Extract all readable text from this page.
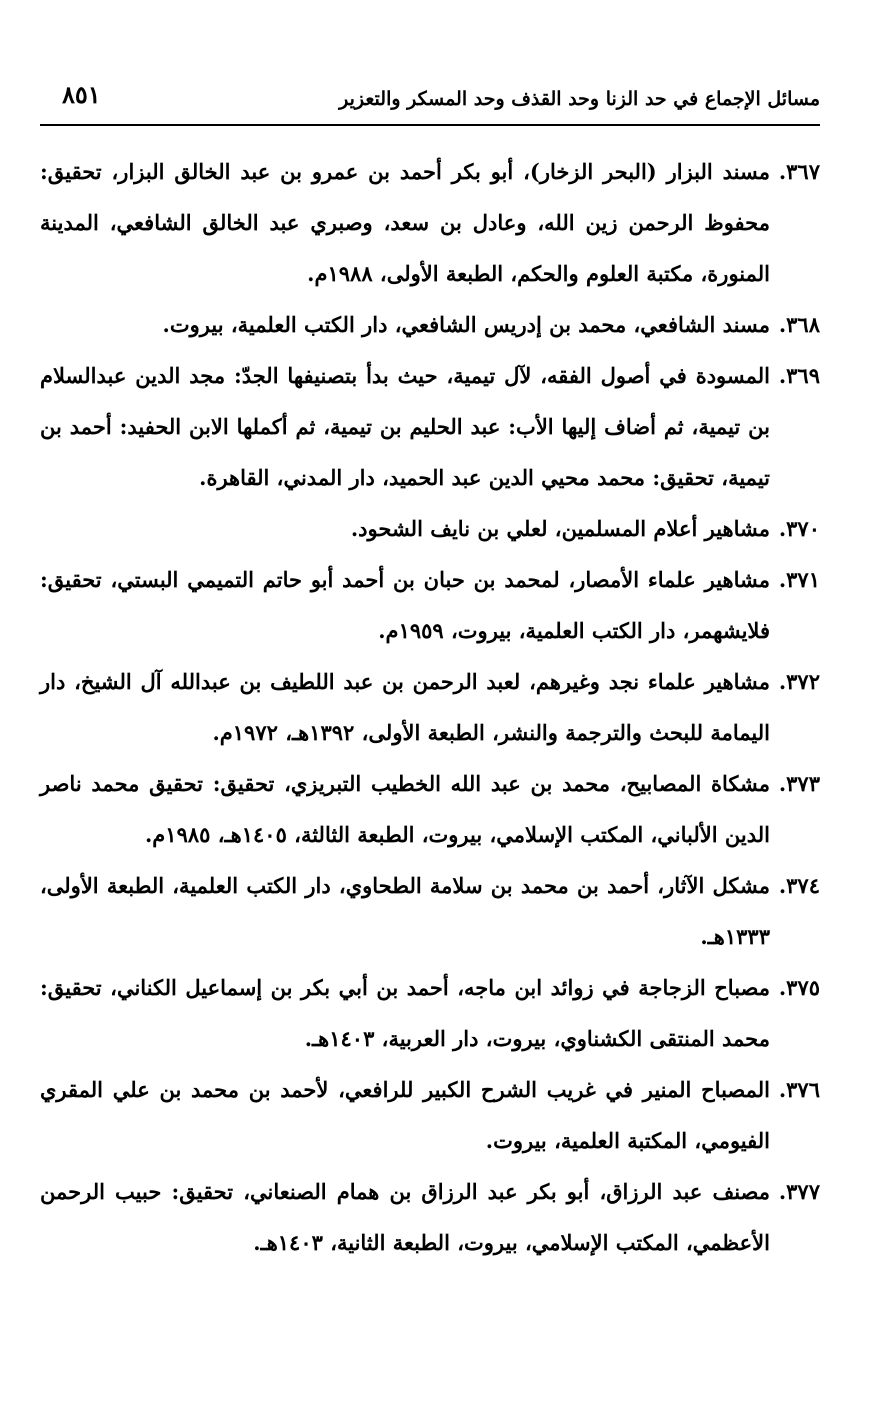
مسائل الإجماع في حد الزنا وحد القذف وحد المسكر والتعزير
٨٥١

٣٦٧.مسند البزار (البحر الزخار)، أبو بكر أحمد بن عمرو بن عبد الخالق البزار، تحقيق: محفوظ الرحمن زين الله، وعادل بن سعد، وصبري عبد الخالق الشافعي، المدينة المنورة، مكتبة العلوم والحكم، الطبعة الأولى، ١٩٨٨م.

٣٦٨.مسند الشافعي، محمد بن إدريس الشافعي، دار الكتب العلمية، بيروت.

٣٦٩.المسودة في أصول الفقه، لآل تيمية، حيث بدأ بتصنيفها الجدّ: مجد الدين عبدالسلام بن تيمية، ثم أضاف إليها الأب: عبد الحليم بن تيمية، ثم أكملها الابن الحفيد: أحمد بن تيمية، تحقيق: محمد محيي الدين عبد الحميد، دار المدني، القاهرة.

٣٧٠.مشاهير أعلام المسلمين، لعلي بن نايف الشحود.

٣٧١.مشاهير علماء الأمصار، لمحمد بن حبان بن أحمد أبو حاتم التميمي البستي، تحقيق: فلايشهمر، دار الكتب العلمية، بيروت، ١٩٥٩م.

٣٧٢.مشاهير علماء نجد وغيرهم، لعبد الرحمن بن عبد اللطيف بن عبدالله آل الشيخ، دار اليمامة للبحث والترجمة والنشر، الطبعة الأولى، ١٣٩٢هـ، ١٩٧٢م.

٣٧٣.مشكاة المصابيح، محمد بن عبد الله الخطيب التبريزي، تحقيق: تحقيق محمد ناصر الدين الألباني، المكتب الإسلامي، بيروت، الطبعة الثالثة، ١٤٠٥هـ، ١٩٨٥م.

٣٧٤.مشكل الآثار، أحمد بن محمد بن سلامة الطحاوي، دار الكتب العلمية، الطبعة الأولى، ١٣٣٣هـ.

٣٧٥.مصباح الزجاجة في زوائد ابن ماجه، أحمد بن أبي بكر بن إسماعيل الكناني، تحقيق: محمد المنتقى الكشناوي، بيروت، دار العربية، ١٤٠٣هـ.

٣٧٦.المصباح المنير في غريب الشرح الكبير للرافعي، لأحمد بن محمد بن علي المقري الفيومي، المكتبة العلمية، بيروت.

٣٧٧.مصنف عبد الرزاق، أبو بكر عبد الرزاق بن همام الصنعاني، تحقيق: حبيب الرحمن الأعظمي، المكتب الإسلامي، بيروت، الطبعة الثانية، ١٤٠٣هـ.
